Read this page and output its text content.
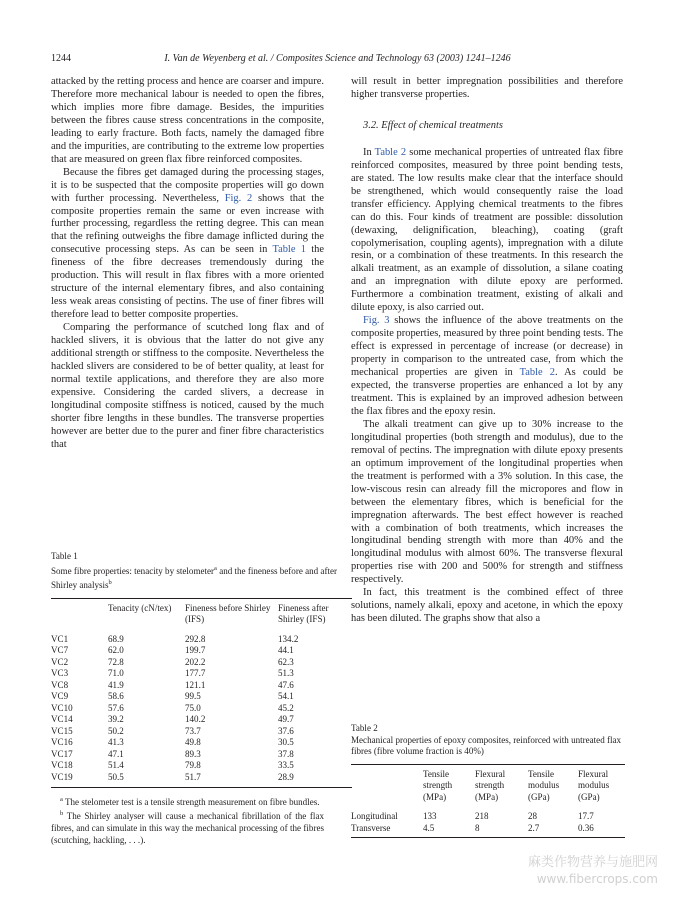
1244	I. Van de Weyenberg et al. / Composites Science and Technology 63 (2003) 1241–1246

attacked by the retting process and hence are coarser and impure. Therefore more mechanical labour is needed to open the fibres, which implies more fibre damage. Besides, the impurities between the fibres cause stress concentrations in the composite, leading to early fracture. Both facts, namely the damaged fibre and the impurities, are contributing to the extreme low properties that are measured on green flax fibre reinforced composites.

Because the fibres get damaged during the processing stages, it is to be suspected that the composite properties will go down with further processing. Nevertheless, Fig. 2 shows that the composite properties remain the same or even increase with further processing, regardless the retting degree. This can mean that the refining outweighs the fibre damage inflicted during the consecutive processing steps. As can be seen in Table 1 the fineness of the fibre decreases tremendously during the production. This will result in flax fibres with a more oriented structure of the internal elementary fibres, and also containing less weak areas consisting of pectins. The use of finer fibres will therefore lead to better composite properties.

Comparing the performance of scutched long flax and of hackled slivers, it is obvious that the latter do not give any additional strength or stiffness to the composite. Nevertheless the hackled slivers are considered to be of better quality, at least for normal textile applications, and therefore they are also more expensive. Considering the carded slivers, a decrease in longitudinal composite stiffness is noticed, caused by the much shorter fibre lengths in these bundles. The transverse properties however are better due to the purer and finer fibre characteristics that

Table 1
Some fibre properties: tenacity by stelometer$^a$ and the fineness before and after Shirley analysis$^b$
	Tenacity (cN/tex)	Fineness before Shirley (IFS)	Fineness after Shirley (IFS)

VC1	68.9	292.8	134.2
VC7	62.0	199.7	44.1
VC2	72.8	202.2	62.3
VC3	71.0	177.7	51.3
VC8	41.9	121.1	47.6
VC9	58.6	99.5	54.1
VC10	57.6	75.0	45.2
VC14	39.2	140.2	49.7
VC15	50.2	73.7	37.6
VC16	41.3	49.8	30.5
VC17	47.1	89.3	37.8
VC18	51.4	79.8	33.5
VC19	50.5	51.7	28.9

$^a$ The stelometer test is a tensile strength measurement on fibre bundles.

$^b$ The Shirley analyser will cause a mechanical fibrillation of the flax fibres, and can simulate in this way the mechanical processing of the fibres (scutching, hackling, . . .).

will result in better impregnation possibilities and therefore higher transverse properties.

3.2. Effect of chemical treatments

In Table 2 some mechanical properties of untreated flax fibre reinforced composites, measured by three point bending tests, are stated. The low results make clear that the interface should be strengthened, which would consequently raise the load transfer efficiency. Applying chemical treatments to the fibres can do this. Four kinds of treatment are possible: dissolution (dewaxing, delignification, bleaching), coating (graft copolymerisation, coupling agents), impregnation with a dilute resin, or a combination of these treatments. In this research the alkali treatment, as an example of dissolution, a silane coating and an impregnation with dilute epoxy are performed. Furthermore a combination treatment, existing of alkali and dilute epoxy, is also carried out.

Fig. 3 shows the influence of the above treatments on the composite properties, measured by three point bending tests. The effect is expressed in percentage of increase (or decrease) in property in comparison to the untreated case, from which the mechanical properties are given in Table 2. As could be expected, the transverse properties are enhanced a lot by any treatment. This is explained by an improved adhesion between the flax fibres and the epoxy resin.

The alkali treatment can give up to 30% increase to the longitudinal properties (both strength and modulus), due to the removal of pectins. The impregnation with dilute epoxy presents an optimum improvement of the longitudinal properties when the treatment is performed with a 3% solution. In this case, the low-viscous resin can already fill the micropores and flow in between the elementary fibres, which is beneficial for the impregnation afterwards. The best effect however is reached with a combination of both treatments, which increases the longitudinal bending strength with more than 40% and the longitudinal modulus with almost 60%. The transverse flexural properties rise with 200 and 500% for strength and stiffness respectively.

In fact, this treatment is the combined effect of three solutions, namely alkali, epoxy and acetone, in which the epoxy has been diluted. The graphs show that also a

Table 2
Mechanical properties of epoxy composites, reinforced with untreated flax fibres (fibre volume fraction is 40%)
	Tensile strength (MPa)	Flexural strength (MPa)	Tensile modulus (GPa)	Flexural modulus (GPa)

Longitudinal	133	218	28	17.7
Transverse	4.5	8	2.7	0.36
麻类作物营养与施肥网
www.fibercrops.com
